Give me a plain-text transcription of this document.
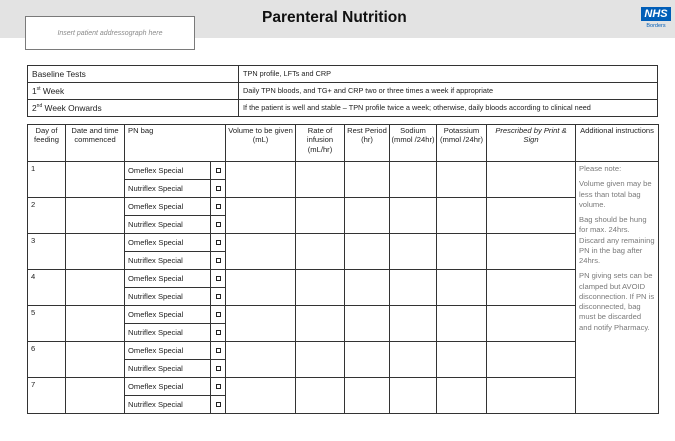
Insert patient addressograph here
Parenteral Nutrition	NHS
Borders
Baseline Tests	TPN profile, LFTs and CRP
1st Week	Daily TPN bloods, and TG+ and CRP two or three times a week if appropriate
2nd Week Onwards	If the patient is well and stable – TPN profile twice a week; otherwise, daily bloods according to clinical need
Day of feeding	Date and time commenced	PN bag		Volume to be given (mL)	Rate of infusion (mL/hr)	Rest Period (hr)	Sodium (mmol /24hr)	Potassium (mmol /24hr)	Prescribed by Print & Sign	Additional instructions
1		Omeflex Special								Please note:

Volume given may be less than total bag volume.

Bag should be hung for max. 24hrs. Discard any remaining PN in the bag after 24hrs.

PN giving sets can be clamped but AVOID disconnection. If PN is disconnected, bag must be discarded and notify Pharmacy.

		Nutriflex Special								
2		Omeflex Special								
		Nutriflex Special								
3		Omeflex Special								
		Nutriflex Special								
4		Omeflex Special								
		Nutriflex Special								
5		Omeflex Special								
		Nutriflex Special								
6		Omeflex Special								
		Nutriflex Special								
7		Omeflex Special								
		Nutriflex Special								
